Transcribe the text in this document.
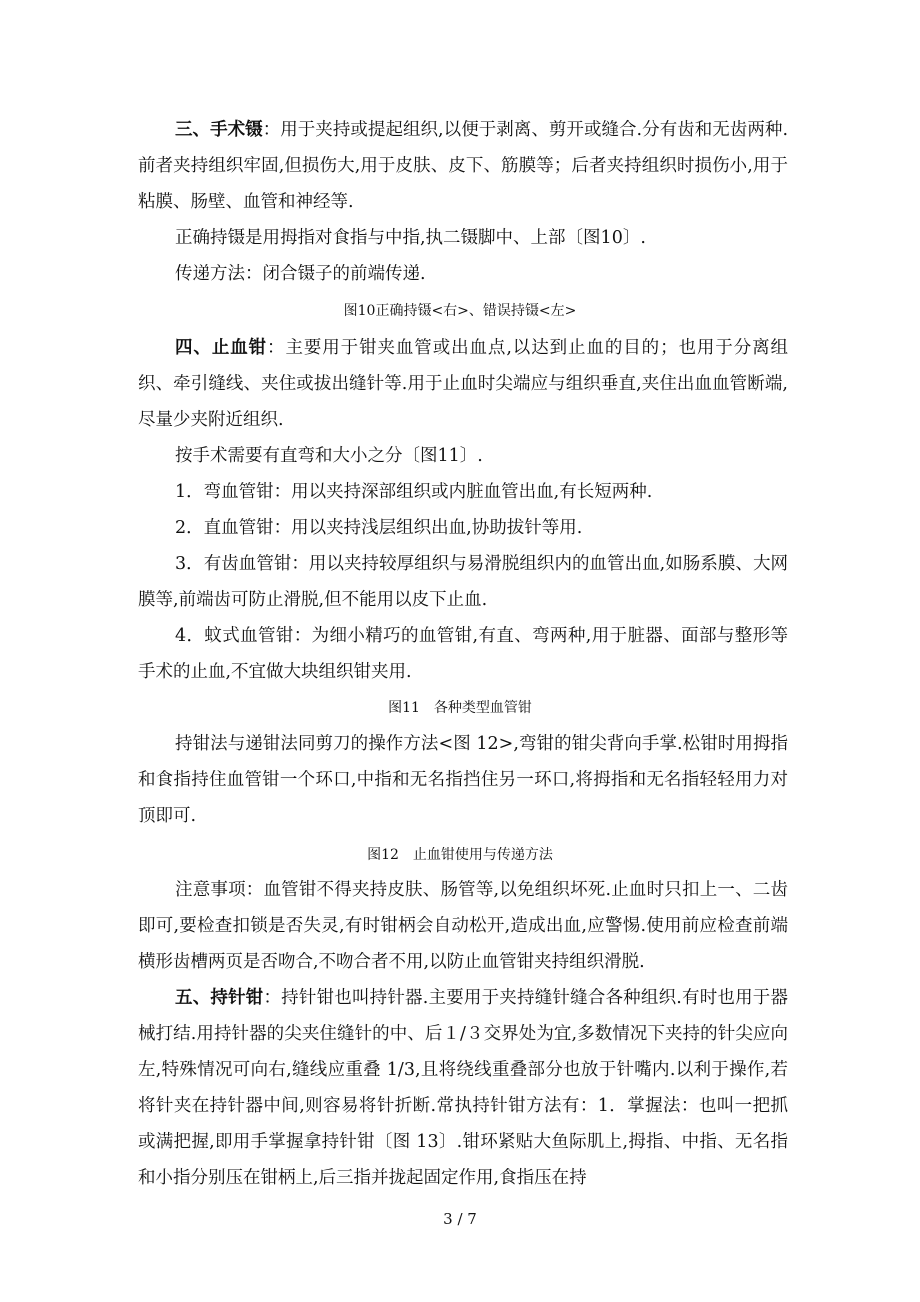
三、手术镊：用于夹持或提起组织,以便于剥离、剪开或缝合.分有齿和无齿两种.前者夹持组织牢固,但损伤大,用于皮肤、皮下、筋膜等；后者夹持组织时损伤小,用于粘膜、肠壁、血管和神经等.
正确持镊是用拇指对食指与中指,执二镊脚中、上部〔图10〕.
传递方法：闭合镊子的前端传递.
图10正确持镊<右>、错误持镊<左>
四、止血钳：主要用于钳夹血管或出血点,以达到止血的目的；也用于分离组织、牵引缝线、夹住或拔出缝针等.用于止血时尖端应与组织垂直,夹住出血血管断端,尽量少夹附近组织.
按手术需要有直弯和大小之分〔图11〕.
1．弯血管钳：用以夹持深部组织或内脏血管出血,有长短两种.
2．直血管钳：用以夹持浅层组织出血,协助拔针等用.
3．有齿血管钳：用以夹持较厚组织与易滑脱组织内的血管出血,如肠系膜、大网膜等,前端齿可防止滑脱,但不能用以皮下止血.
4．蚊式血管钳：为细小精巧的血管钳,有直、弯两种,用于脏器、面部与整形等手术的止血,不宜做大块组织钳夹用.
图11　各种类型血管钳
持钳法与递钳法同剪刀的操作方法<图 12>,弯钳的钳尖背向手掌.松钳时用拇指和食指持住血管钳一个环口,中指和无名指挡住另一环口,将拇指和无名指轻轻用力对顶即可.
图12　止血钳使用与传递方法
注意事项：血管钳不得夹持皮肤、肠管等,以免组织坏死.止血时只扣上一、二齿即可,要检查扣锁是否失灵,有时钳柄会自动松开,造成出血,应警惕.使用前应检查前端横形齿槽两页是否吻合,不吻合者不用,以防止血管钳夹持组织滑脱.
五、持针钳：持针钳也叫持针器.主要用于夹持缝针缝合各种组织.有时也用于器械打结.用持针器的尖夹住缝针的中、后１/３交界处为宜,多数情况下夹持的针尖应向左,特殊情况可向右,缝线应重叠 1/3,且将绕线重叠部分也放于针嘴内.以利于操作,若将针夹在持针器中间,则容易将针折断.常执持针钳方法有：1．掌握法：也叫一把抓或满把握,即用手掌握拿持针钳〔图 13〕.钳环紧贴大鱼际肌上,拇指、中指、无名指和小指分别压在钳柄上,后三指并拢起固定作用,食指压在持
3 / 7
